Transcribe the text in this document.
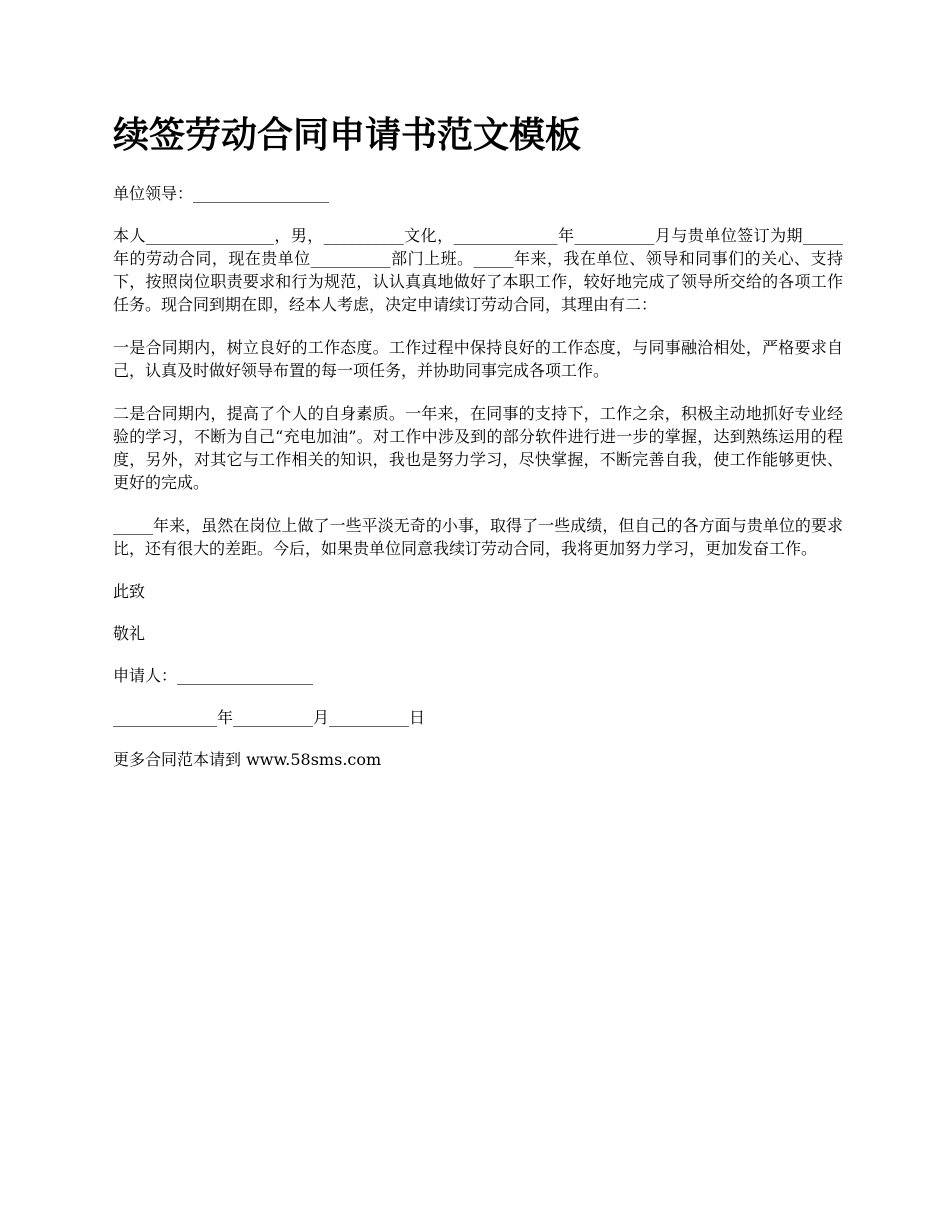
续签劳动合同申请书范文模板

单位领导：_________________

本人________________，男，__________文化，_____________年__________月与贵单位签订为期_____年的劳动合同，现在贵单位__________部门上班。_____年来，我在单位、领导和同事们的关心、支持下，按照岗位职责要求和行为规范，认认真真地做好了本职工作，较好地完成了领导所交给的各项工作任务。现合同到期在即，经本人考虑，决定申请续订劳动合同，其理由有二：

一是合同期内，树立良好的工作态度。工作过程中保持良好的工作态度，与同事融洽相处，严格要求自己，认真及时做好领导布置的每一项任务，并协助同事完成各项工作。

二是合同期内，提高了个人的自身素质。一年来，在同事的支持下，工作之余，积极主动地抓好专业经验的学习，不断为自己“充电加油”。对工作中涉及到的部分软件进行进一步的掌握，达到熟练运用的程度，另外，对其它与工作相关的知识，我也是努力学习，尽快掌握，不断完善自我，使工作能够更快、更好的完成。

_____年来，虽然在岗位上做了一些平淡无奇的小事，取得了一些成绩，但自己的各方面与贵单位的要求比，还有很大的差距。今后，如果贵单位同意我续订劳动合同，我将更加努力学习，更加发奋工作。

此致

敬礼

申请人：_________________

_____________年__________月__________日

更多合同范本请到 www.58sms.com
